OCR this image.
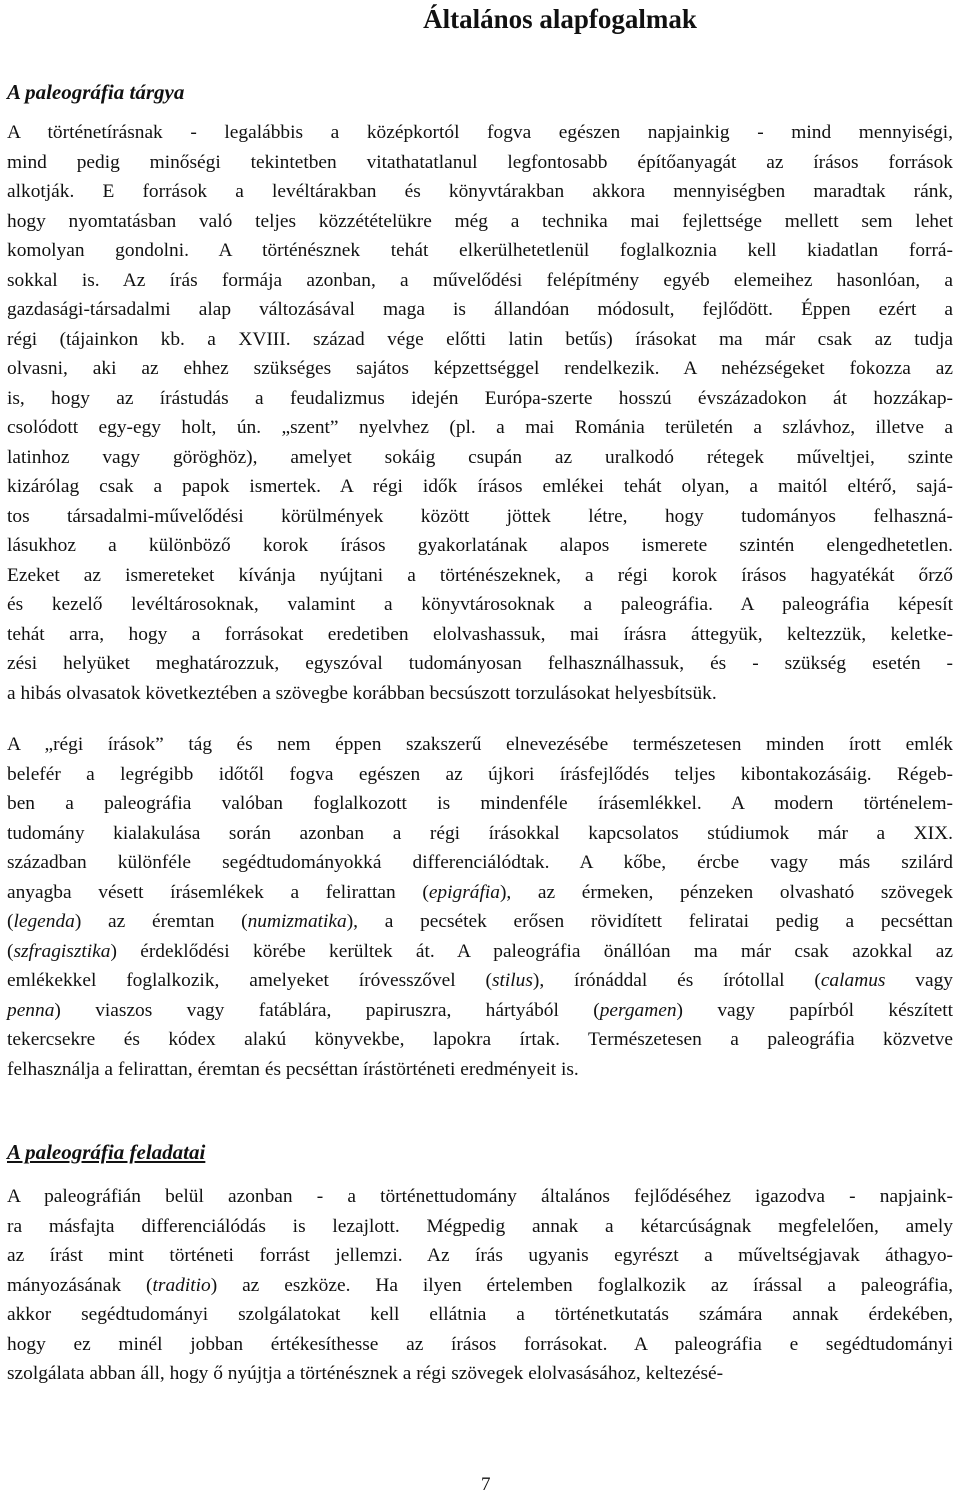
Általános alapfogalmak
A paleográfia tárgya
A történetírásnak - legalábbis a középkortól fogva egészen napjainkig - mind mennyiségi,
mind pedig minőségi tekintetben vitathatatlanul legfontosabb építőanyagát az írásos források
alkotják. E források a levéltárakban és könyvtárakban akkora mennyiségben maradtak ránk,
hogy nyomtatásban való teljes közzétételükre még a technika mai fejlettsége mellett sem lehet
komolyan gondolni. A történésznek tehát elkerülhetetlenül foglalkoznia kell kiadatlan forrá-
sokkal is. Az írás formája azonban, a művelődési felépítmény egyéb elemeihez hasonlóan, a
gazdasági-társadalmi alap változásával maga is állandóan módosult, fejlődött. Éppen ezért a
régi (tájainkon kb. a XVIII. század vége előtti latin betűs) írásokat ma már csak az tudja
olvasni, aki az ehhez szükséges sajátos képzettséggel rendelkezik. A nehézségeket fokozza az
is, hogy az írástudás a feudalizmus idején Európa-szerte hosszú évszázadokon át hozzákap-
csolódott egy-egy holt, ún. „szent” nyelvhez (pl. a mai Románia területén a szlávhoz, illetve a
latinhoz vagy göröghöz), amelyet sokáig csupán az uralkodó rétegek műveltjei, szinte
kizárólag csak a papok ismertek. A régi idők írásos emlékei tehát olyan, a maitól eltérő, sajá-
tos társadalmi-művelődési körülmények között jöttek létre, hogy tudományos felhaszná-
lásukhoz a különböző korok írásos gyakorlatának alapos ismerete szintén elengedhetetlen.
Ezeket az ismereteket kívánja nyújtani a történészeknek, a régi korok írásos hagyatékát őrző
és kezelő levéltárosoknak, valamint a könyvtárosoknak a paleográfia. A paleográfia képesít
tehát arra, hogy a forrásokat eredetiben elolvashassuk, mai írásra áttegyük, keltezzük, keletke-
zési helyüket meghatározzuk, egyszóval tudományosan felhasználhassuk, és - szükség esetén -
a hibás olvasatok következtében a szövegbe korábban becsúszott torzulásokat helyesbítsük.
A „régi írások” tág és nem éppen szakszerű elnevezésébe természetesen minden írott emlék
belefér a legrégibb időtől fogva egészen az újkori írásfejlődés teljes kibontakozásáig. Régeb-
ben a paleográfia valóban foglalkozott is mindenféle írásemlékkel. A modern történelem-
tudomány kialakulása során azonban a régi írásokkal kapcsolatos stúdiumok már a XIX.
században különféle segédtudományokká differenciálódtak. A kőbe, ércbe vagy más szilárd
anyagba vésett írásemlékek a felirattan (epigráfia), az érmeken, pénzeken olvasható szövegek
(legenda) az éremtan (numizmatika), a pecsétek erősen rövidített feliratai pedig a pecséttan
(szfragisztika) érdeklődési körébe kerültek át. A paleográfia önállóan ma már csak azokkal az
emlékekkel foglalkozik, amelyeket íróvesszővel (stilus), írónáddal és írótollal (calamus vagy
penna) viaszos vagy fatáblára, papiruszra, hártyából (pergamen) vagy papírból készített
tekercsekre és kódex alakú könyvekbe, lapokra írtak. Természetesen a paleográfia közvetve
felhasználja a felirattan, éremtan és pecséttan írástörténeti eredményeit is.
A paleográfia feladatai
A paleográfián belül azonban - a történettudomány általános fejlődéséhez igazodva - napjaink-
ra másfajta differenciálódás is lezajlott. Mégpedig annak a kétarcúságnak megfelelően, amely
az írást mint történeti forrást jellemzi. Az írás ugyanis egyrészt a műveltségjavak áthagyo-
mányozásának (traditio) az eszköze. Ha ilyen értelemben foglalkozik az írással a paleográfia,
akkor segédtudományi szolgálatokat kell ellátnia a történetkutatás számára annak érdekében,
hogy ez minél jobban értékesíthesse az írásos forrásokat. A paleográfia e segédtudományi
szolgálata abban áll, hogy ő nyújtja a történésznek a régi szövegek elolvasásához, keltezésé-
7
